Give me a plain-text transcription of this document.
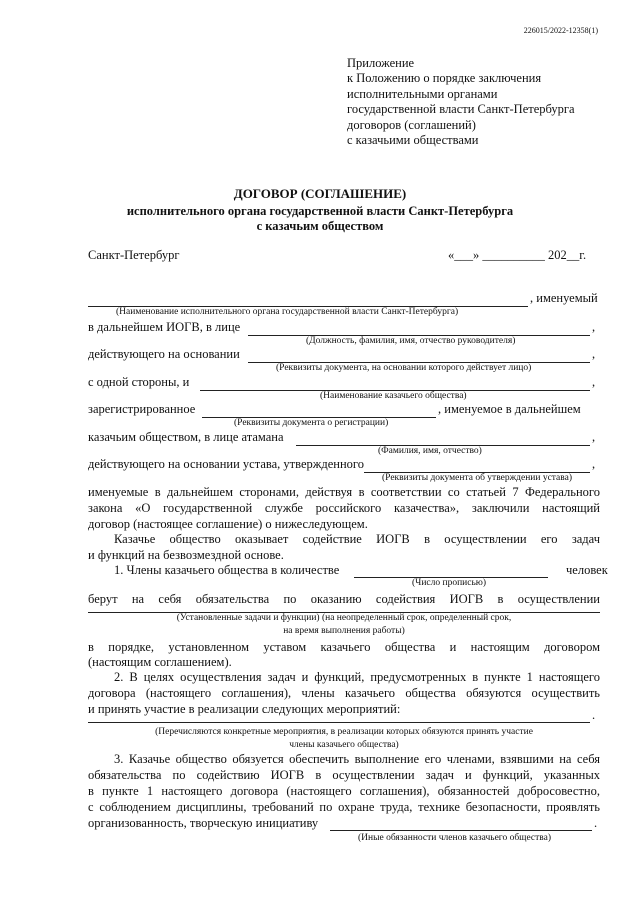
226015/2022-12358(1)
Приложение
к Положению о порядке заключения
исполнительными органами
государственной власти Санкт-Петербурга
договоров (соглашений)
с казачьими обществами
ДОГОВОР (СОГЛАШЕНИЕ)
исполнительного органа государственной власти Санкт-Петербурга
с казачьим обществом
Санкт-Петербург	«___» __________ 202__г.
, именуемый
(Наименование исполнительного органа государственной власти Санкт-Петербурга)
в дальнейшем ИОГВ, в лице	,
(Должность, фамилия, имя, отчество руководителя)
действующего на основании	,
(Реквизиты документа, на основании которого действует лицо)
с одной стороны, и	,
(Наименование казачьего общества)
зарегистрированное	, именуемое в дальнейшем
(Реквизиты документа о регистрации)
казачьим обществом, в лице атамана	,
(Фамилия, имя, отчество)
действующего на основании устава, утвержденного	,
(Реквизиты документа об утверждении устава)
именуемые в дальнейшем сторонами, действуя в соответствии со статьей 7 Федерального
закона «О государственной службе российского казачества», заключили настоящий
договор (настоящее соглашение) о нижеследующем.
Казачье общество оказывает содействие ИОГВ в осуществлении его задач
и функций на безвозмездной основе.
1. Члены казачьего общества в количестве	человек
(Число прописью)
берут на себя обязательства по оказанию содействия ИОГВ в осуществлении
(Установленные задачи и функции) (на неопределенный срок, определенный срок,
на время выполнения работы)
в порядке, установленном уставом казачьего общества и настоящим договором
(настоящим соглашением).
2. В целях осуществления задач и функций, предусмотренных в пункте 1 настоящего
договора (настоящего соглашения), члены казачьего общества обязуются осуществить
и принять участие в реализации следующих мероприятий:	.
(Перечисляются конкретные мероприятия, в реализации которых обязуются принять участие
члены казачьего общества)
3. Казачье общество обязуется обеспечить выполнение его членами, взявшими на себя
обязательства по содействию ИОГВ в осуществлении задач и функций, указанных
в пункте 1 настоящего договора (настоящего соглашения), обязанностей добросовестно,
с соблюдением дисциплины, требований по охране труда, технике безопасности, проявлять
организованность, творческую инициативу	.
(Иные обязанности членов казачьего общества)
